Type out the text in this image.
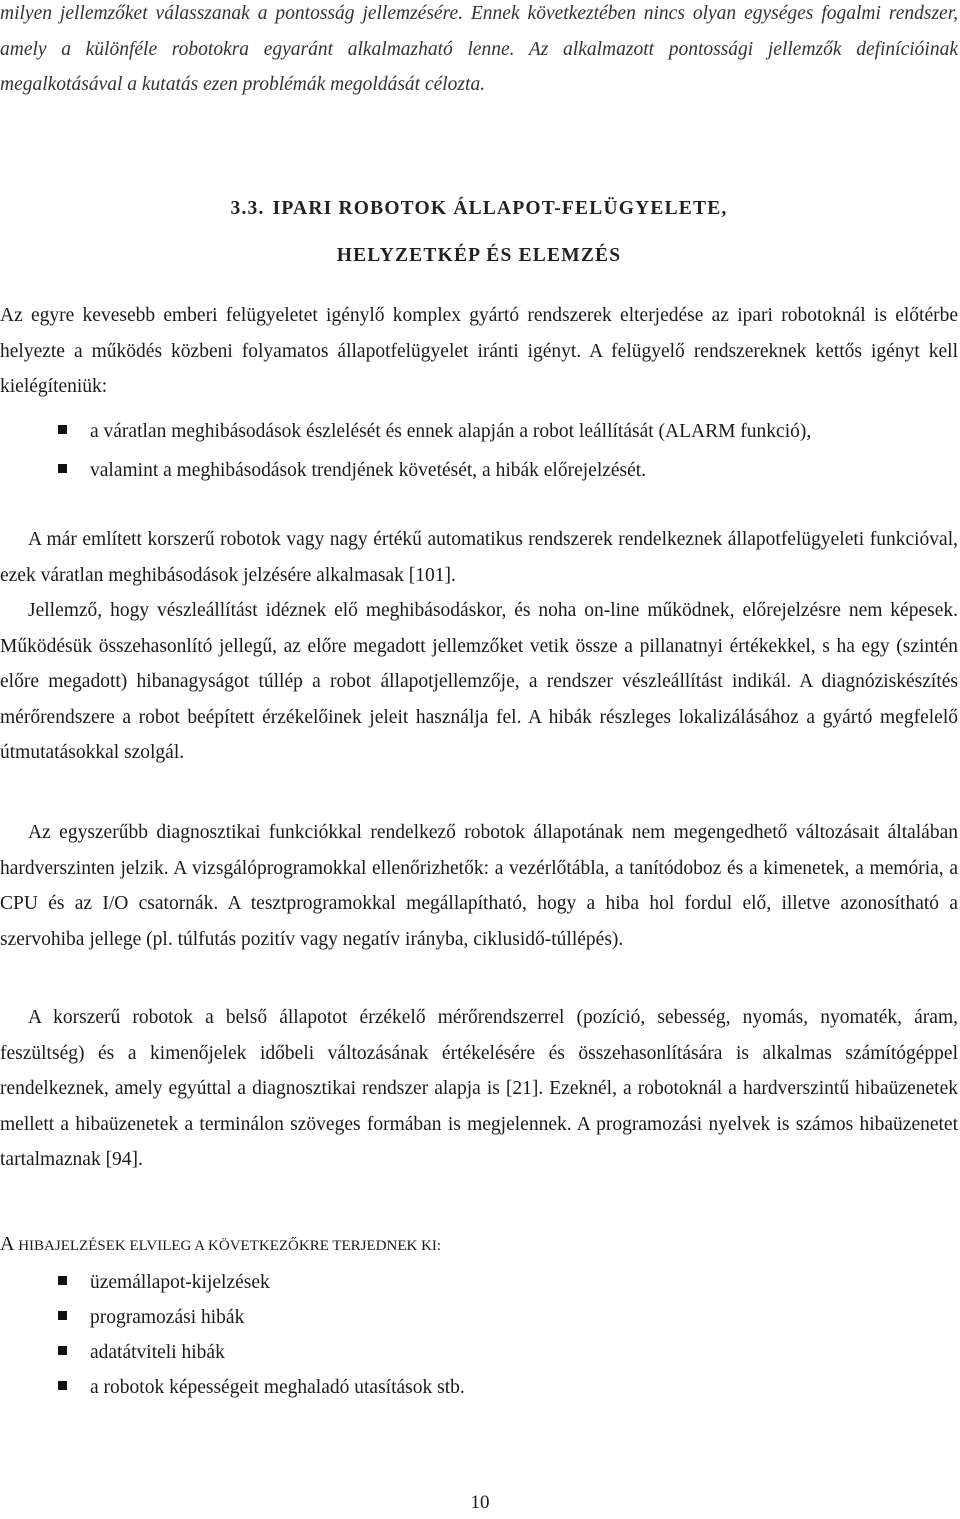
milyen jellemzőket válasszanak a pontosság jellemzésére. Ennek következtében nincs olyan egységes fogalmi rendszer, amely a különféle robotokra egyaránt alkalmazható lenne. Az alkalmazott pontossági jellemzők definícióinak megalkotásával a kutatás ezen problémák megoldását célozta.

3.3. IPARI ROBOTOK ÁLLAPOT-FELÜGYELETE,
HELYZETKÉP ÉS ELEMZÉS

Az egyre kevesebb emberi felügyeletet igénylő komplex gyártó rendszerek elterjedése az ipari robotoknál is előtérbe helyezte a működés közbeni folyamatos állapotfelügyelet iránti igényt. A felügyelő rendszereknek kettős igényt kell kielégíteniük:

a váratlan meghibásodások észlelését és ennek alapján a robot leállítását (ALARM funkció),
valamint a meghibásodások trendjének követését, a hibák előrejelzését.

A már említett korszerű robotok vagy nagy értékű automatikus rendszerek rendelkeznek állapotfelügyeleti funkcióval, ezek váratlan meghibásodások jelzésére alkalmasak [101].

Jellemző, hogy vészleállítást idéznek elő meghibásodáskor, és noha on-line működnek, előrejelzésre nem képesek. Működésük összehasonlító jellegű, az előre megadott jellemzőket vetik össze a pillanatnyi értékekkel, s ha egy (szintén előre megadott) hibanagyságot túllép a robot állapotjellemzője, a rendszer vészleállítást indikál. A diagnóziskészítés mérőrendszere a robot beépített érzékelőinek jeleit használja fel. A hibák részleges lokalizálásához a gyártó megfelelő útmutatásokkal szolgál.

Az egyszerűbb diagnosztikai funkciókkal rendelkező robotok állapotának nem megengedhető változásait általában hardverszinten jelzik. A vizsgálóprogramokkal ellenőrizhetők: a vezérlőtábla, a tanítódoboz és a kimenetek, a memória, a CPU és az I/O csatornák. A tesztprogramokkal megállapítható, hogy a hiba hol fordul elő, illetve azonosítható a szervohiba jellege (pl. túlfutás pozitív vagy negatív irányba, ciklusidő-túllépés).

A korszerű robotok a belső állapotot érzékelő mérőrendszerrel (pozíció, sebesség, nyomás, nyomaték, áram, feszültség) és a kimenőjelek időbeli változásának értékelésére és összehasonlítására is alkalmas számítógéppel rendelkeznek, amely egyúttal a diagnosztikai rendszer alapja is [21]. Ezeknél, a robotoknál a hardverszintű hibaüzenetek mellett a hibaüzenetek a terminálon szöveges formában is megjelennek. A programozási nyelvek is számos hibaüzenetet tartalmaznak [94].

A HIBAJELZÉSEK ELVILEG A KÖVETKEZŐKRE TERJEDNEK KI:
üzemállapot-kijelzések
programozási hibák
adatátviteli hibák
a robotok képességeit meghaladó utasítások stb.
10
